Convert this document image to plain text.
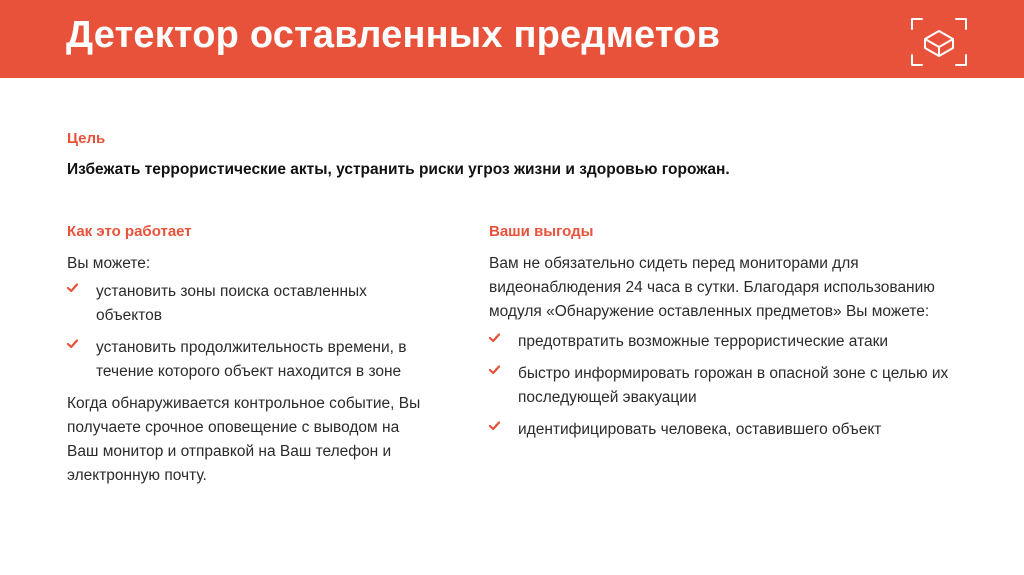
Детектор оставленных предметов
Цель
Избежать террористические акты, устранить риски угроз жизни и здоровью горожан.
Как это работает

Вы можете:

установить зоны поиска оставленных объектов
установить продолжительность времени, в течение которого объект находится в зоне

Когда обнаруживается контрольное событие, Вы получаете срочное оповещение с выводом на Ваш монитор и отправкой на Ваш телефон и электронную почту.

Ваши выгоды

Вам не обязательно сидеть перед мониторами для видеонаблюдения 24 часа в сутки. Благодаря использованию модуля «Обнаружение оставленных предметов» Вы можете:

предотвратить возможные террористические атаки
быстро информировать горожан в опасной зоне с целью их последующей эвакуации
идентифицировать человека, оставившего объект
